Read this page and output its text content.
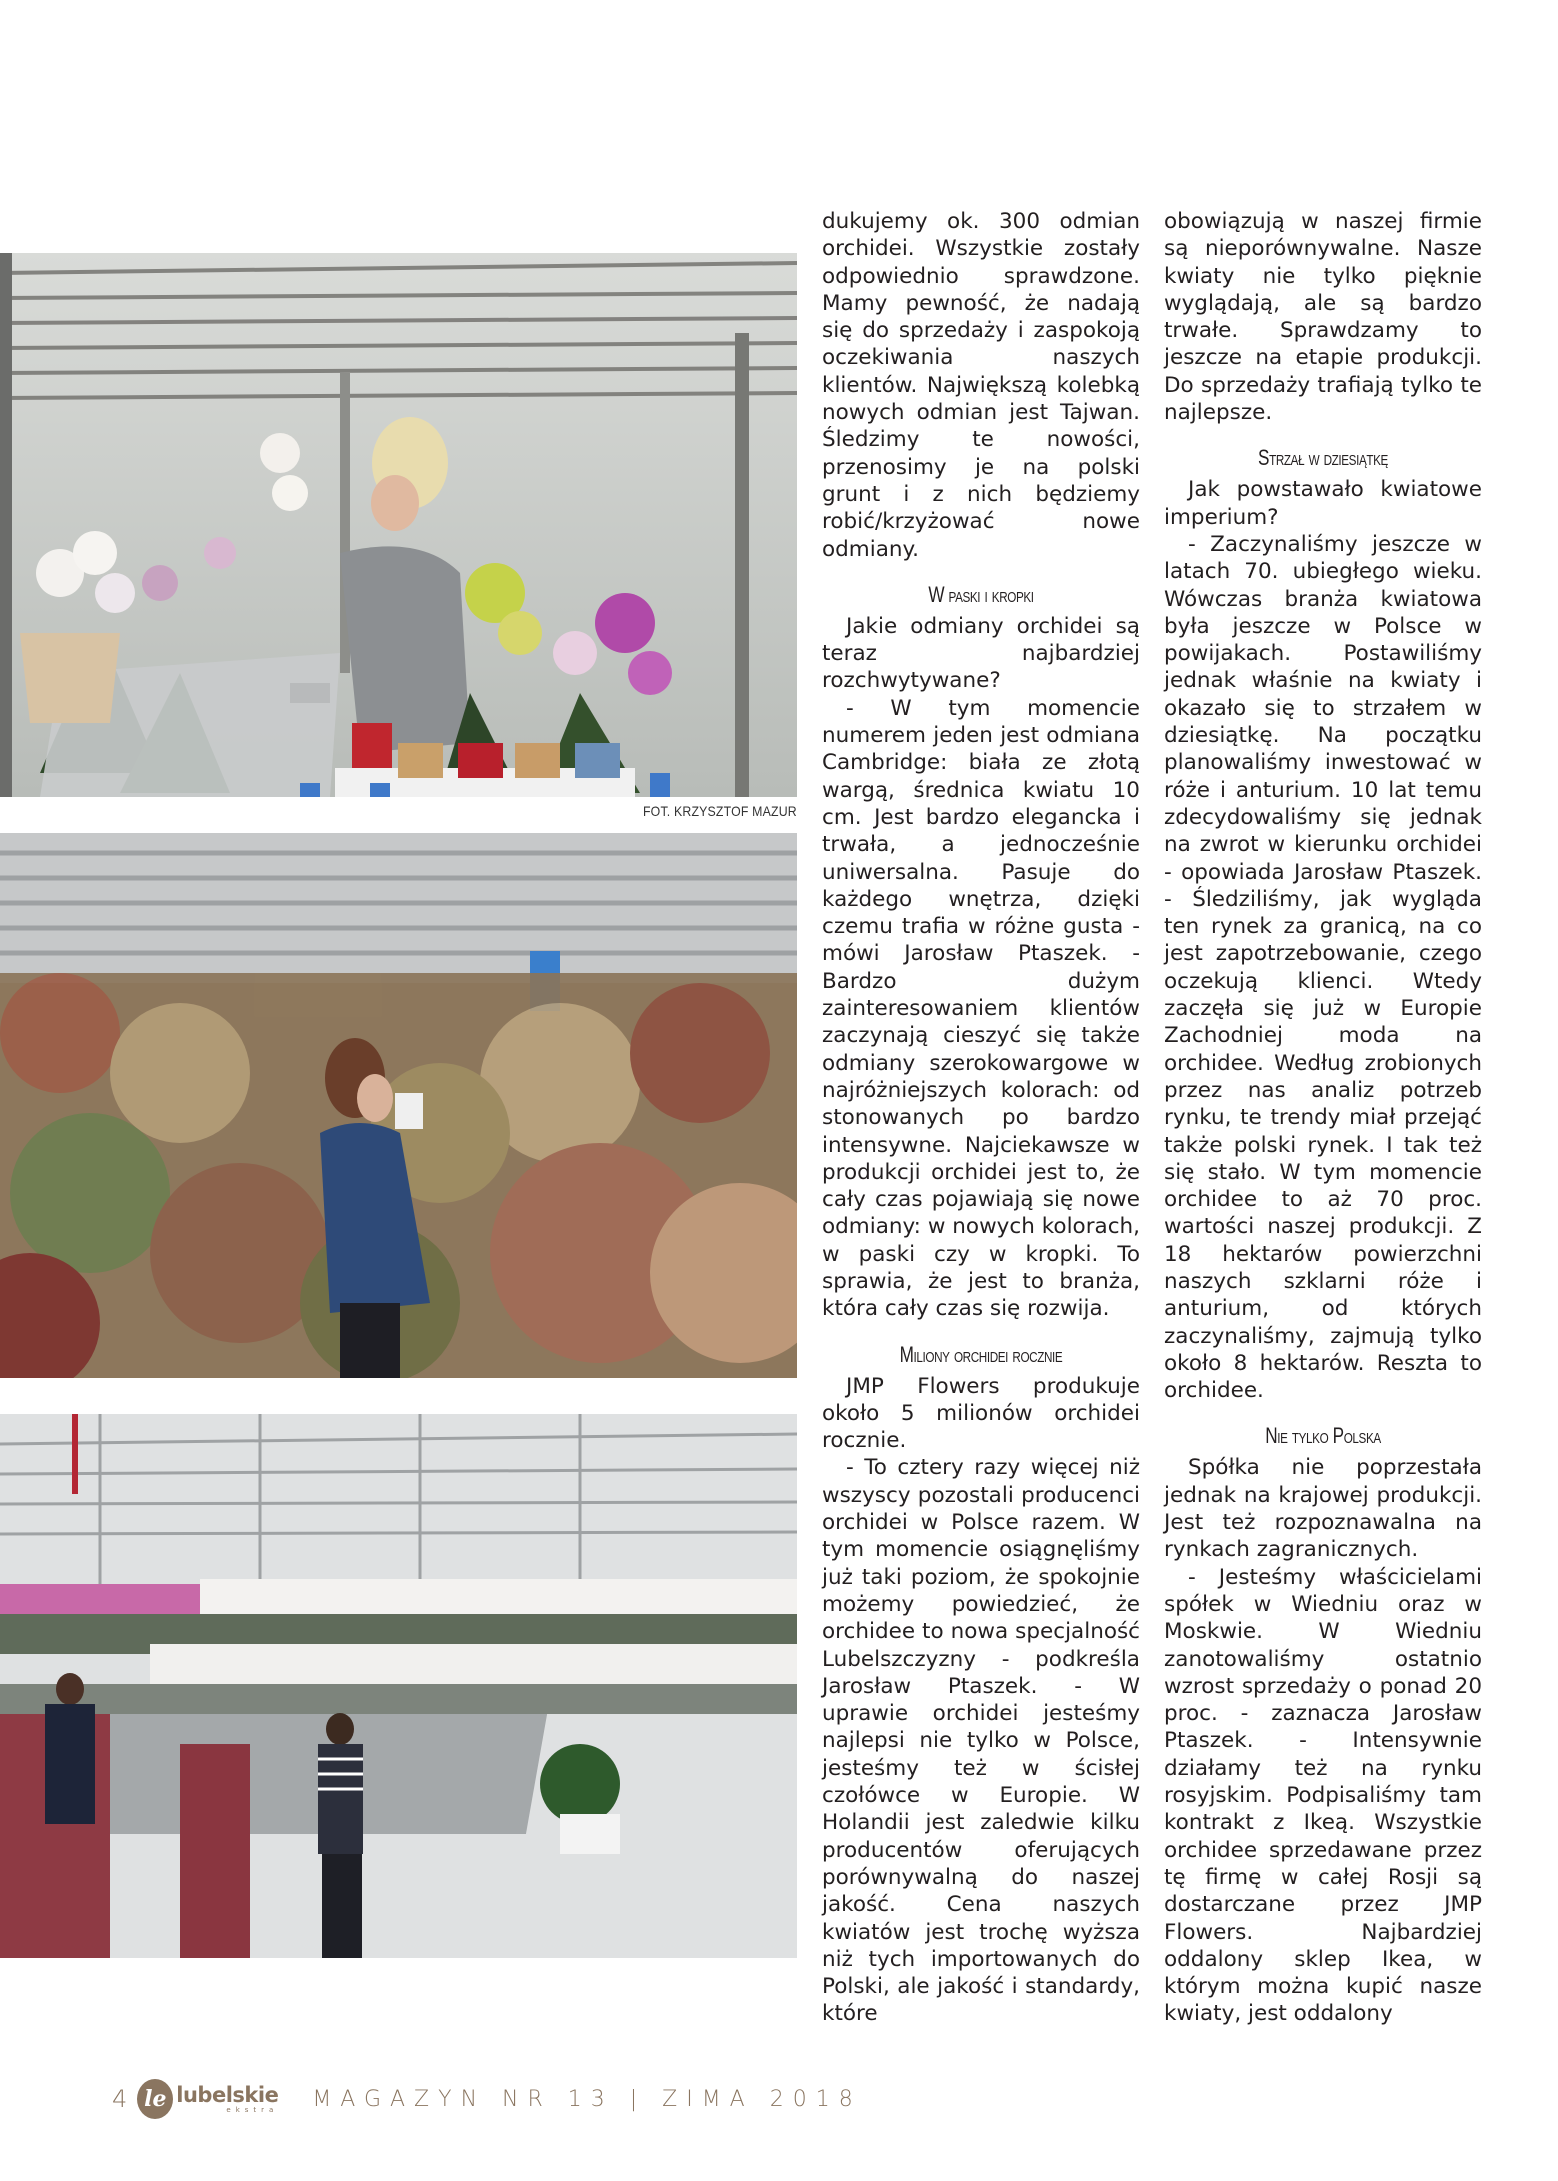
FOT. KRZYSZTOF MAZUR

dukujemy ok. 300 odmian orchidei. Wszystkie zostały odpowiednio sprawdzone. Mamy pewność, że nadają się do sprzedaży i zaspokoją oczekiwania naszych klientów. Największą kolebką nowych odmian jest Tajwan. Śledzimy te nowości, przenosimy je na polski grunt i z nich będziemy robić/krzyżować nowe odmiany.

W paski i kropki

Jakie odmiany orchidei są teraz najbardziej rozchwytywane?

- W tym momencie numerem jeden jest odmiana Cambridge: biała ze złotą wargą, średnica kwiatu 10 cm. Jest bardzo elegancka i trwała, a jednocześnie uniwersalna. Pasuje do każdego wnętrza, dzięki czemu trafia w różne gusta - mówi Jarosław Ptaszek. - Bardzo dużym zainteresowaniem klientów zaczynają cieszyć się także odmiany szerokowargowe w najróżniejszych kolorach: od stonowanych po bardzo intensywne. Najciekawsze w produkcji orchidei jest to, że cały czas pojawiają się nowe odmiany: w nowych kolorach, w paski czy w kropki. To sprawia, że jest to branża, która cały czas się rozwija.

Miliony orchidei rocznie

JMP Flowers produkuje około 5 milionów orchidei rocznie.

- To cztery razy więcej niż wszyscy pozostali producenci orchidei w Polsce razem. W tym momencie osiągnęliśmy już taki poziom, że spokojnie możemy powiedzieć, że orchidee to nowa specjalność Lubelszczyzny - podkreśla Jarosław Ptaszek. - W uprawie orchidei jesteśmy najlepsi nie tylko w Polsce, jesteśmy też w ścisłej czołówce w Europie. W Holandii jest zaledwie kilku producentów oferujących porównywalną do naszej jakość. Cena naszych kwiatów jest trochę wyższa niż tych importowanych do Polski, ale jakość i standardy, które

obowiązują w naszej firmie są nieporównywalne. Nasze kwiaty nie tylko pięknie wyglądają, ale są bardzo trwałe. Sprawdzamy to jeszcze na etapie produkcji. Do sprzedaży trafiają tylko te najlepsze.

Strzał w dziesiątkę

Jak powstawało kwiatowe imperium?

- Zaczynaliśmy jeszcze w latach 70. ubiegłego wieku. Wówczas branża kwiatowa była jeszcze w Polsce w powijakach. Postawiliśmy jednak właśnie na kwiaty i okazało się to strzałem w dziesiątkę. Na początku planowaliśmy inwestować w róże i anturium. 10 lat temu zdecydowaliśmy się jednak na zwrot w kierunku orchidei - opowiada Jarosław Ptaszek. - Śledziliśmy, jak wygląda ten rynek za granicą, na co jest zapotrzebowanie, czego oczekują klienci. Wtedy zaczęła się już w Europie Zachodniej moda na orchidee. Według zrobionych przez nas analiz potrzeb rynku, te trendy miał przejąć także polski rynek. I tak też się stało. W tym momencie orchidee to aż 70 proc. wartości naszej produkcji. Z 18 hektarów powierzchni naszych szklarni róże i anturium, od których zaczynaliśmy, zajmują tylko około 8 hektarów. Reszta to orchidee.

Nie tylko Polska

Spółka nie poprzestała jednak na krajowej produkcji. Jest też rozpoznawalna na rynkach zagranicznych.

- Jesteśmy właścicielami spółek w Wiedniu oraz w Moskwie. W Wiedniu zanotowaliśmy ostatnio wzrost sprzedaży o ponad 20 proc. - zaznacza Jarosław Ptaszek. - Intensywnie działamy też na rynku rosyjskim. Podpisaliśmy tam kontrakt z Ikeą. Wszystkie orchidee sprzedawane przez tę firmę w całej Rosji są dostarczane przez JMP Flowers. Najbardziej oddalony sklep Ikea, w którym można kupić nasze kwiaty, jest oddalony

4 le lubelskie
ekstra MAGAZYN NR 13 | ZIMA 2018
